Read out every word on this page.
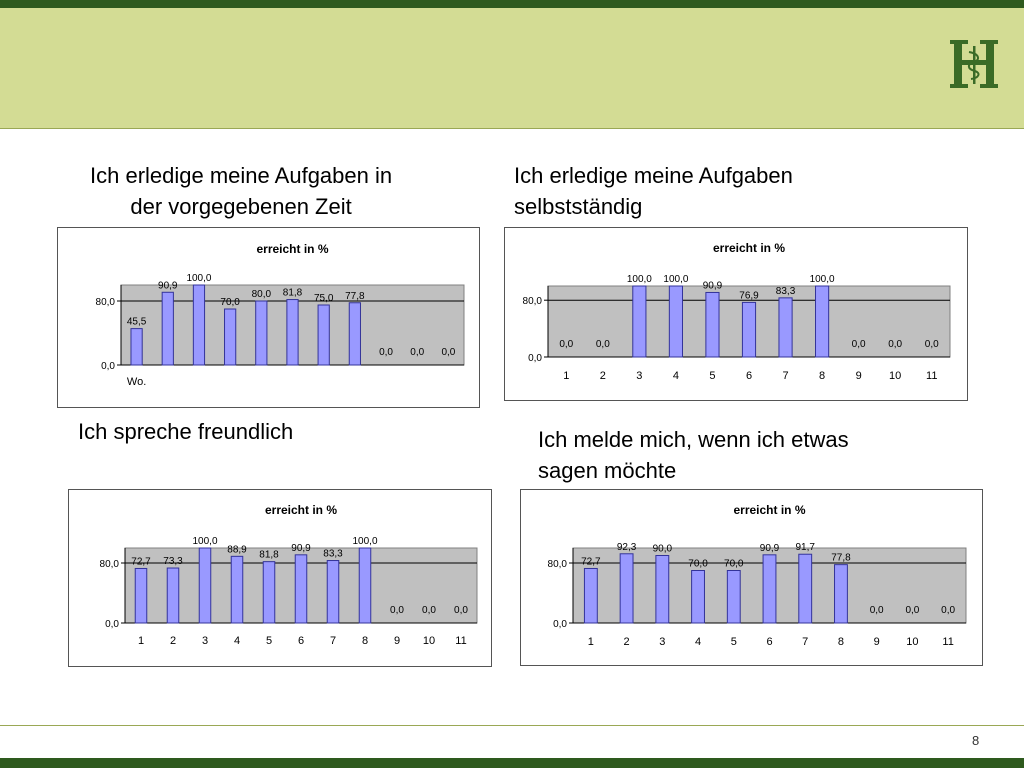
Ich erledige meine Aufgaben in
der vorgegebenen Zeit
Ich erledige meine Aufgaben
selbstständig
Ich spreche freundlich	Ich melde mich, wenn ich etwas
sagen möchte
erreicht in %
0,0
80,0
45,5
Wo.
90,9
100,0
70,0
80,0 81,8 75,0 77,8
0,0 0,0 0,0
erreicht in %
0,0
80,0
0,0
1
0,0
2
100,0
3
100,0
4
90,9
5
76,9
6
83,3
7
100,0
8
0,0
9
0,0
10
0,0
11
erreicht in %
0,0
80,0 72,7
1
73,3
2
100,0
3
88,9
4
81,8
5
90,9
6
83,3
7
100,0
8
0,0
9
0,0
10
0,0
11
erreicht in %
0,0
80,0 72,7
1
92,3
2
90,0
3
70,0
4
70,0
5
90,9
6
91,7
7
77,8
8
0,0
9
0,0
10
0,0
11
8
